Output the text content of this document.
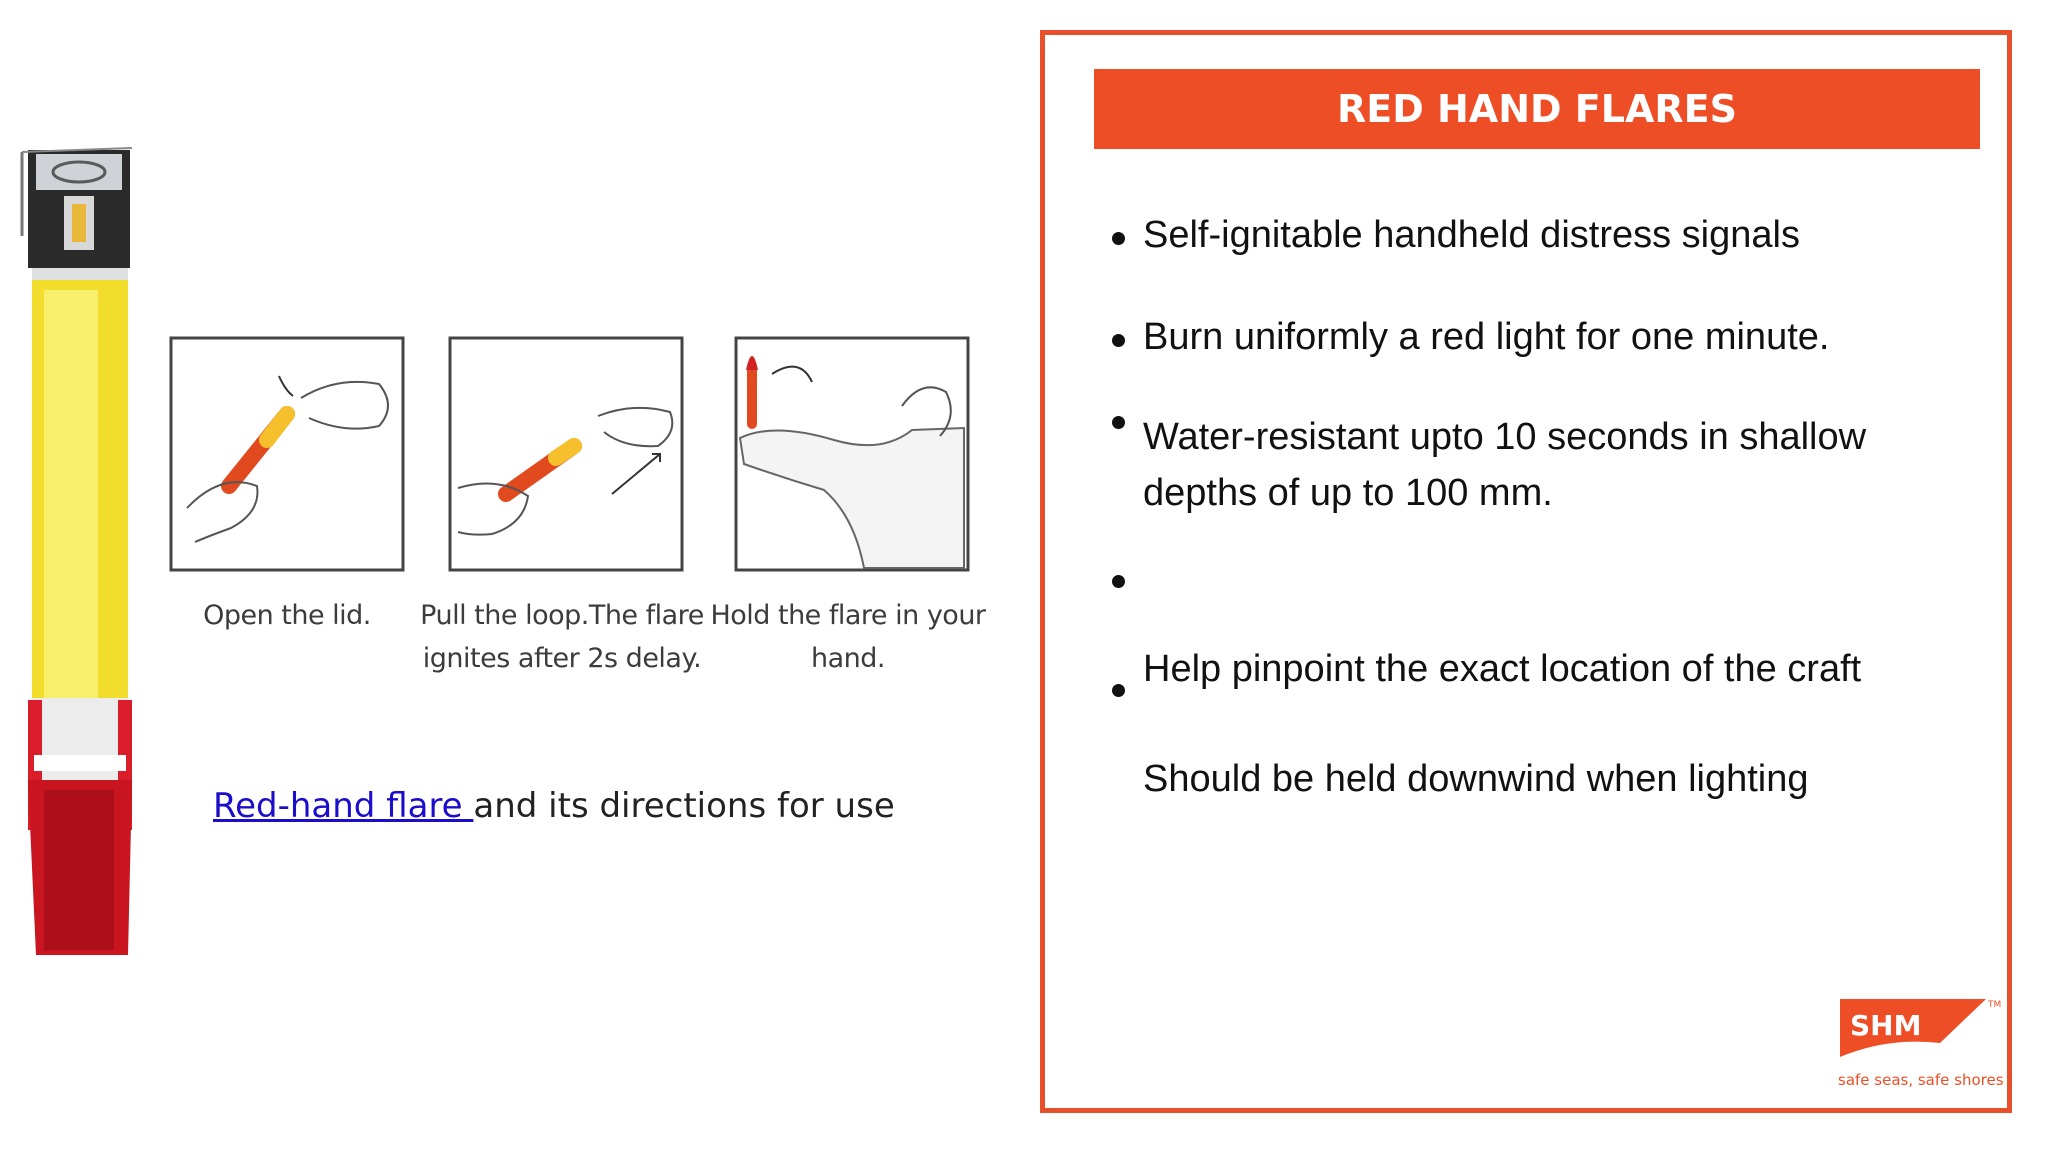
Open the lid.	Pull the loop.The flare
ignites after 2s delay.
Hold the flare in your
hand.
Red-hand flare and its directions for use
RED HAND FLARES
Self-ignitable handheld distress signals
Burn uniformly a red light for one minute.
Water-resistant upto 10 seconds in shallow
depths of up to 100 mm.
Help pinpoint the exact location of the craft
Should be held downwind when lighting
SHM
TM
safe seas, safe shores
